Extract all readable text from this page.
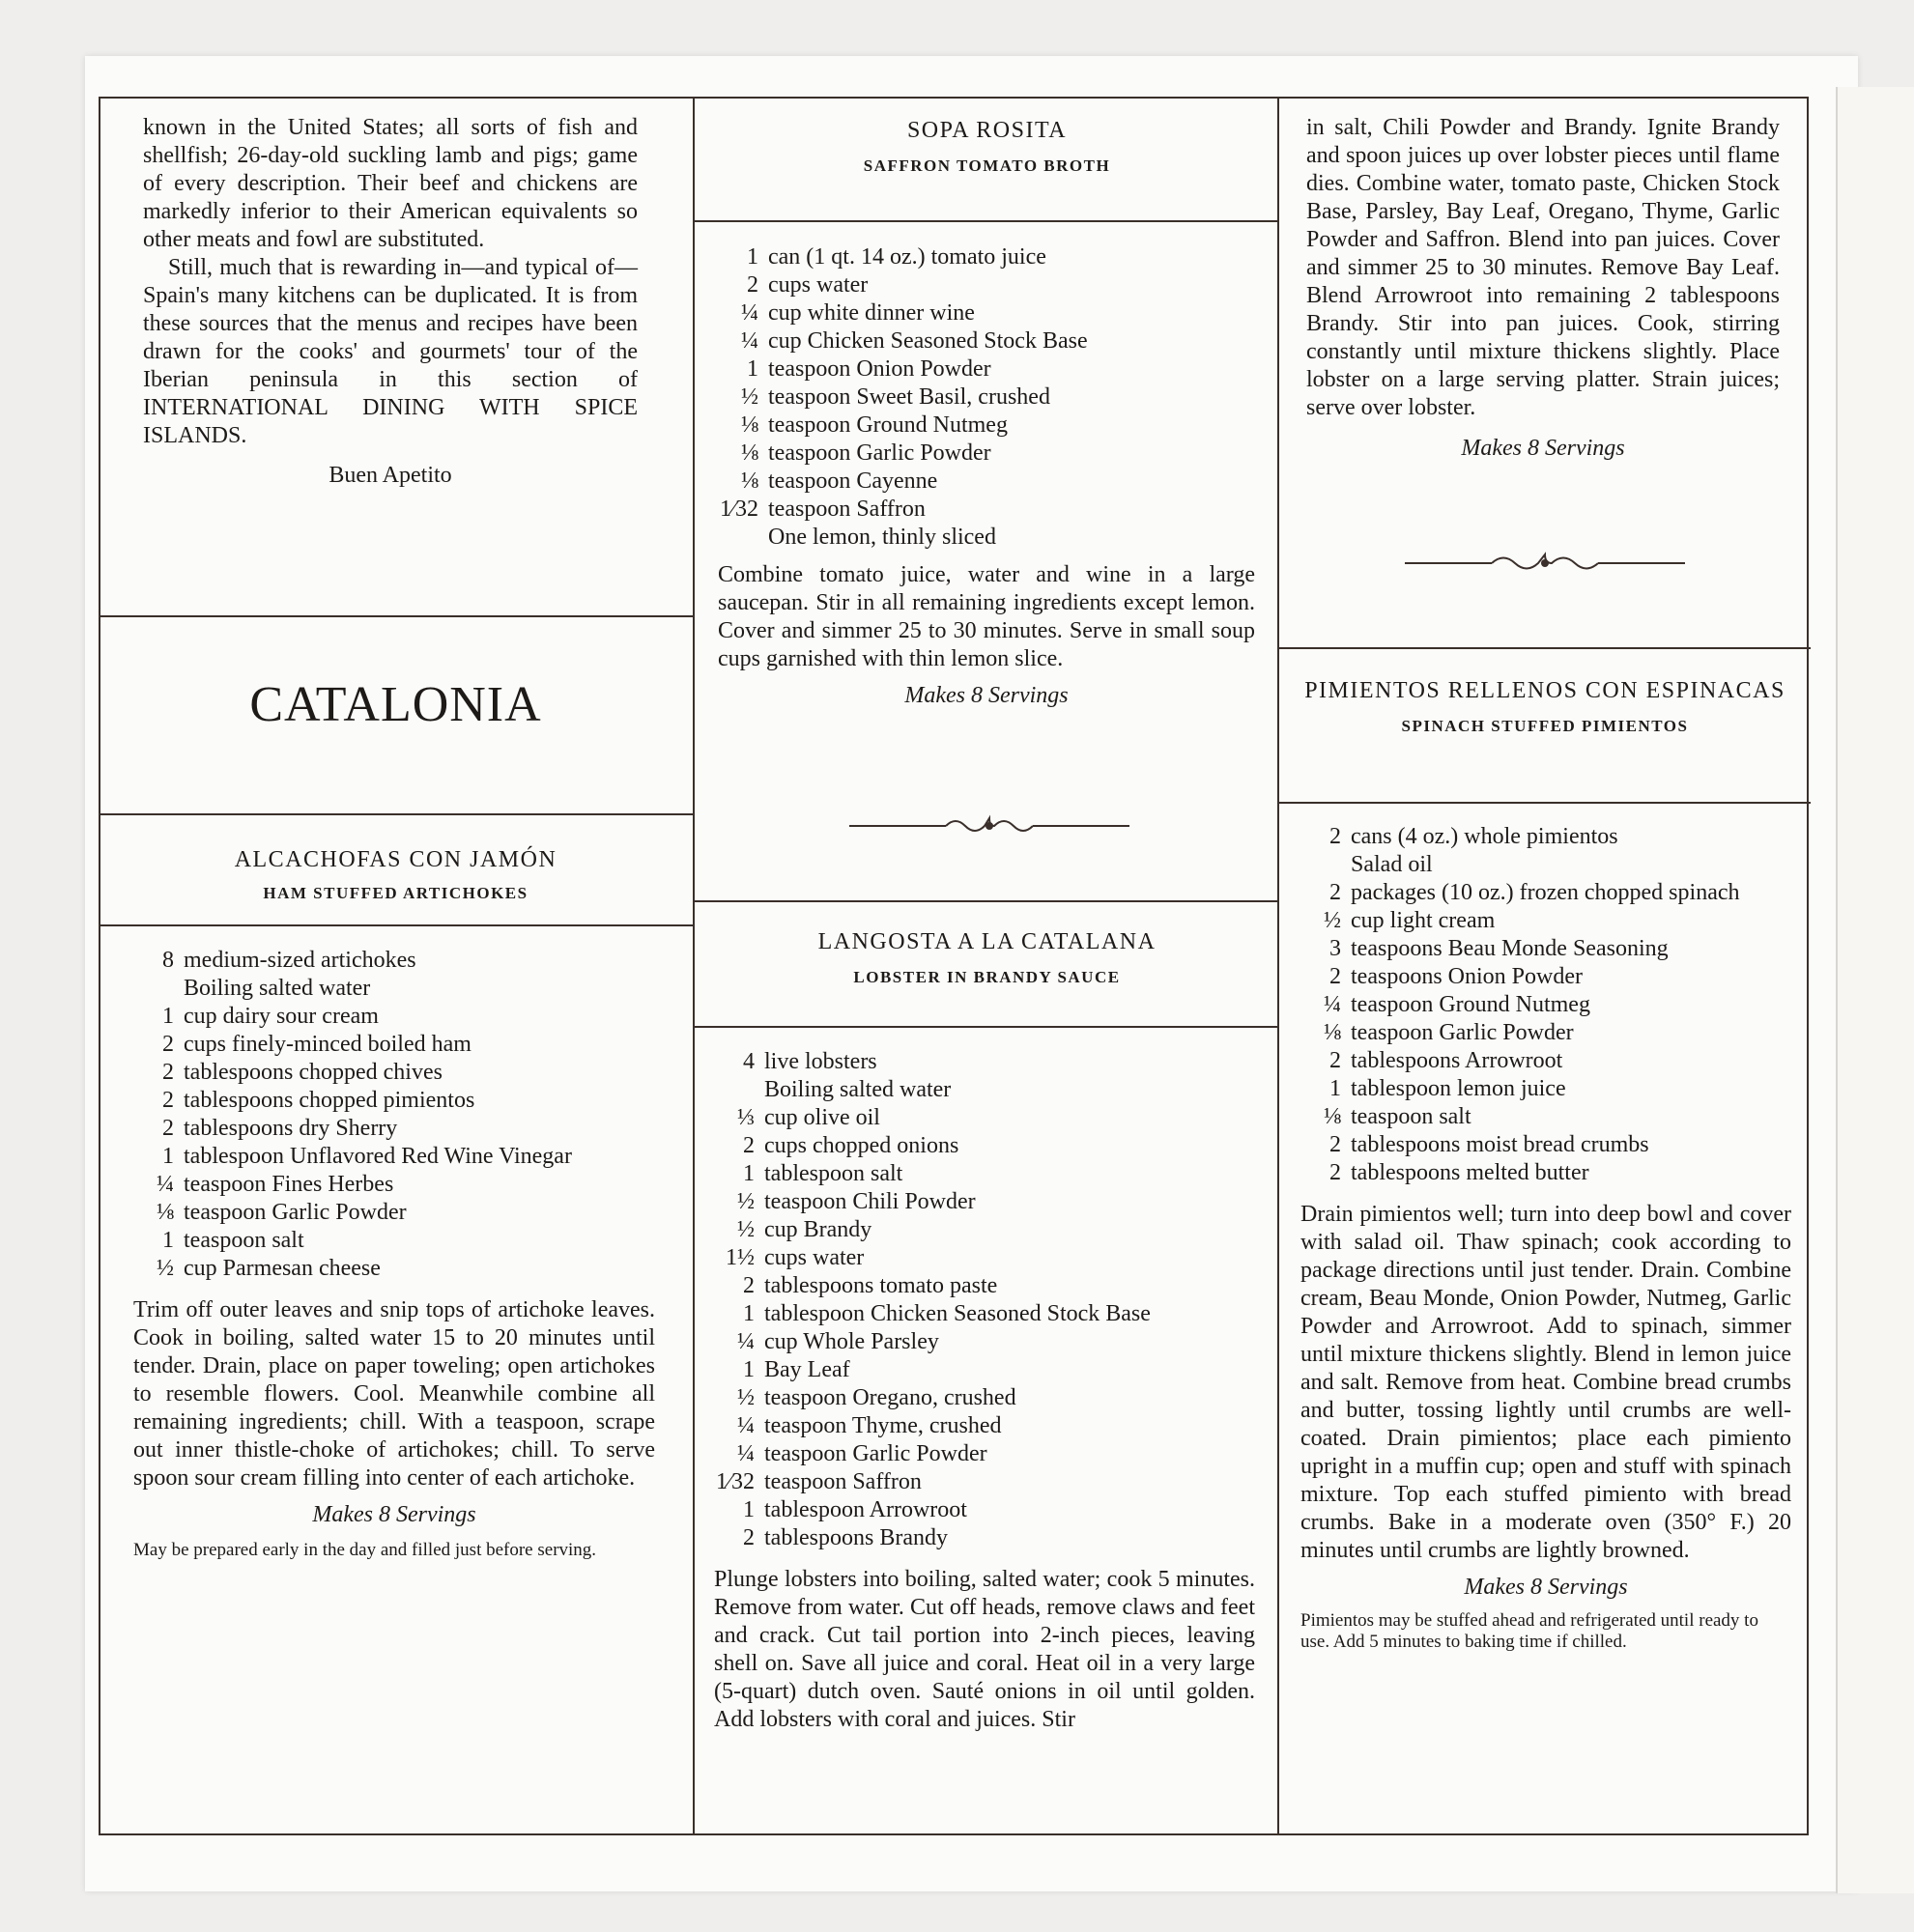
known in the United States; all sorts of fish and shellfish; 26-day-old suckling lamb and pigs; game of every description. Their beef and chickens are markedly inferior to their American equivalents so other meats and fowl are substituted.

Still, much that is rewarding in—and typical of—Spain's many kitchens can be duplicated. It is from these sources that the menus and recipes have been drawn for the cooks' and gourmets' tour of the Iberian peninsula in this section of INTERNATIONAL DINING WITH SPICE ISLANDS.

Buen Apetito

CATALONIA

ALCACHOFAS CON JAMÓN

HAM STUFFED ARTICHOKES

8 medium-sized artichokes
Boiling salted water
1 cup dairy sour cream
2 cups finely-minced boiled ham
2 tablespoons chopped chives
2 tablespoons chopped pimientos
2 tablespoons dry Sherry
1 tablespoon Unflavored Red Wine Vinegar
¼ teaspoon Fines Herbes
⅛ teaspoon Garlic Powder
1 teaspoon salt
½ cup Parmesan cheese

Trim off outer leaves and snip tops of artichoke leaves. Cook in boiling, salted water 15 to 20 minutes until tender. Drain, place on paper toweling; open artichokes to resemble flowers. Cool. Meanwhile combine all remaining ingredients; chill. With a teaspoon, scrape out inner thistle-choke of artichokes; chill. To serve spoon sour cream filling into center of each artichoke.

Makes 8 Servings

May be prepared early in the day and filled just before serving.

SOPA ROSITA

SAFFRON TOMATO BROTH

1 can (1 qt. 14 oz.) tomato juice
2 cups water
¼ cup white dinner wine
¼ cup Chicken Seasoned Stock Base
1 teaspoon Onion Powder
½ teaspoon Sweet Basil, crushed
⅛ teaspoon Ground Nutmeg
⅛ teaspoon Garlic Powder
⅛ teaspoon Cayenne
1⁄32 teaspoon Saffron
One lemon, thinly sliced

Combine tomato juice, water and wine in a large saucepan. Stir in all remaining ingredients except lemon. Cover and simmer 25 to 30 minutes. Serve in small soup cups garnished with thin lemon slice.

Makes 8 Servings

LANGOSTA A LA CATALANA

LOBSTER IN BRANDY SAUCE

4 live lobsters
Boiling salted water
⅓ cup olive oil
2 cups chopped onions
1 tablespoon salt
½ teaspoon Chili Powder
½ cup Brandy
1½ cups water
2 tablespoons tomato paste
1 tablespoon Chicken Seasoned Stock Base
¼ cup Whole Parsley
1 Bay Leaf
½ teaspoon Oregano, crushed
¼ teaspoon Thyme, crushed
¼ teaspoon Garlic Powder
1⁄32 teaspoon Saffron
1 tablespoon Arrowroot
2 tablespoons Brandy

Plunge lobsters into boiling, salted water; cook 5 minutes. Remove from water. Cut off heads, remove claws and feet and crack. Cut tail portion into 2-inch pieces, leaving shell on. Save all juice and coral. Heat oil in a very large (5-quart) dutch oven. Sauté onions in oil until golden. Add lobsters with coral and juices. Stir

in salt, Chili Powder and Brandy. Ignite Brandy and spoon juices up over lobster pieces until flame dies. Combine water, tomato paste, Chicken Stock Base, Parsley, Bay Leaf, Oregano, Thyme, Garlic Powder and Saffron. Blend into pan juices. Cover and simmer 25 to 30 minutes. Remove Bay Leaf. Blend Arrowroot into remaining 2 tablespoons Brandy. Stir into pan juices. Cook, stirring constantly until mixture thickens slightly. Place lobster on a large serving platter. Strain juices; serve over lobster.

Makes 8 Servings

PIMIENTOS RELLENOS CON ESPINACAS

SPINACH STUFFED PIMIENTOS

2 cans (4 oz.) whole pimientos
Salad oil
2 packages (10 oz.) frozen chopped spinach
½ cup light cream
3 teaspoons Beau Monde Seasoning
2 teaspoons Onion Powder
¼ teaspoon Ground Nutmeg
⅛ teaspoon Garlic Powder
2 tablespoons Arrowroot
1 tablespoon lemon juice
⅛ teaspoon salt
2 tablespoons moist bread crumbs
2 tablespoons melted butter

Drain pimientos well; turn into deep bowl and cover with salad oil. Thaw spinach; cook according to package directions until just tender. Drain. Combine cream, Beau Monde, Onion Powder, Nutmeg, Garlic Powder and Arrowroot. Add to spinach, simmer until mixture thickens slightly. Blend in lemon juice and salt. Remove from heat. Combine bread crumbs and butter, tossing lightly until crumbs are well-coated. Drain pimientos; place each pimiento upright in a muffin cup; open and stuff with spinach mixture. Top each stuffed pimiento with bread crumbs. Bake in a moderate oven (350° F.) 20 minutes until crumbs are lightly browned.

Makes 8 Servings

Pimientos may be stuffed ahead and refrigerated until ready to use. Add 5 minutes to baking time if chilled.
